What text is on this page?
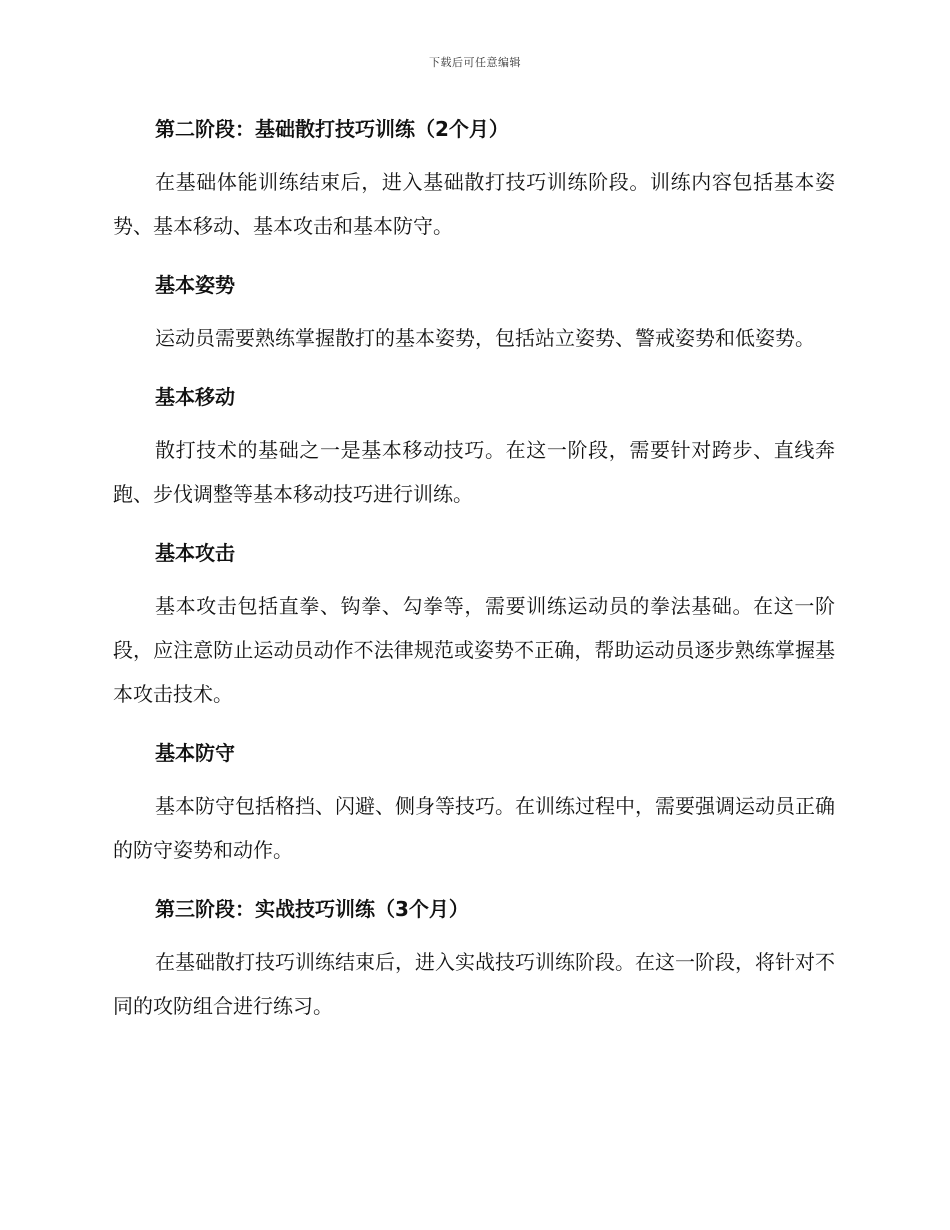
下载后可任意编辑
第二阶段：基础散打技巧训练（2个月）

在基础体能训练结束后，进入基础散打技巧训练阶段。训练内容包括基本姿势、基本移动、基本攻击和基本防守。

基本姿势

运动员需要熟练掌握散打的基本姿势，包括站立姿势、警戒姿势和低姿势。

基本移动

散打技术的基础之一是基本移动技巧。在这一阶段，需要针对跨步、直线奔跑、步伐调整等基本移动技巧进行训练。

基本攻击

基本攻击包括直拳、钩拳、勾拳等，需要训练运动员的拳法基础。在这一阶段，应注意防止运动员动作不法律规范或姿势不正确，帮助运动员逐步熟练掌握基本攻击技术。

基本防守

基本防守包括格挡、闪避、侧身等技巧。在训练过程中，需要强调运动员正确的防守姿势和动作。

第三阶段：实战技巧训练（3个月）

在基础散打技巧训练结束后，进入实战技巧训练阶段。在这一阶段，将针对不同的攻防组合进行练习。
